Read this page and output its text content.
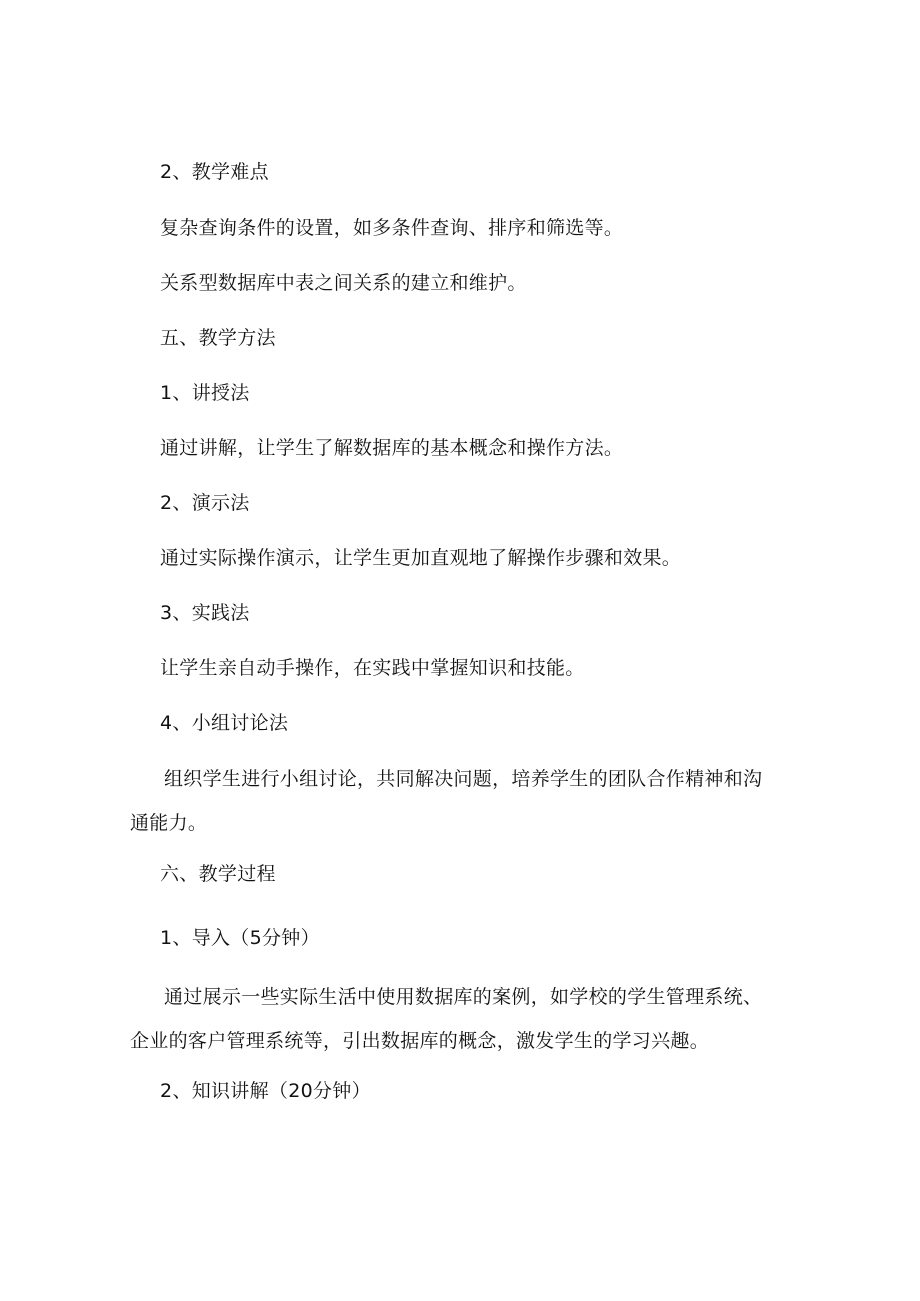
2、教学难点
复杂查询条件的设置，如多条件查询、排序和筛选等。
关系型数据库中表之间关系的建立和维护。
五、教学方法
1、讲授法
通过讲解，让学生了解数据库的基本概念和操作方法。
2、演示法
通过实际操作演示，让学生更加直观地了解操作步骤和效果。
3、实践法
让学生亲自动手操作，在实践中掌握知识和技能。
4、小组讨论法
组织学生进行小组讨论，共同解决问题，培养学生的团队合作精神和沟
通能力。
六、教学过程
1、导入（5分钟）
通过展示一些实际生活中使用数据库的案例，如学校的学生管理系统、
企业的客户管理系统等，引出数据库的概念，激发学生的学习兴趣。
2、知识讲解（20分钟）
